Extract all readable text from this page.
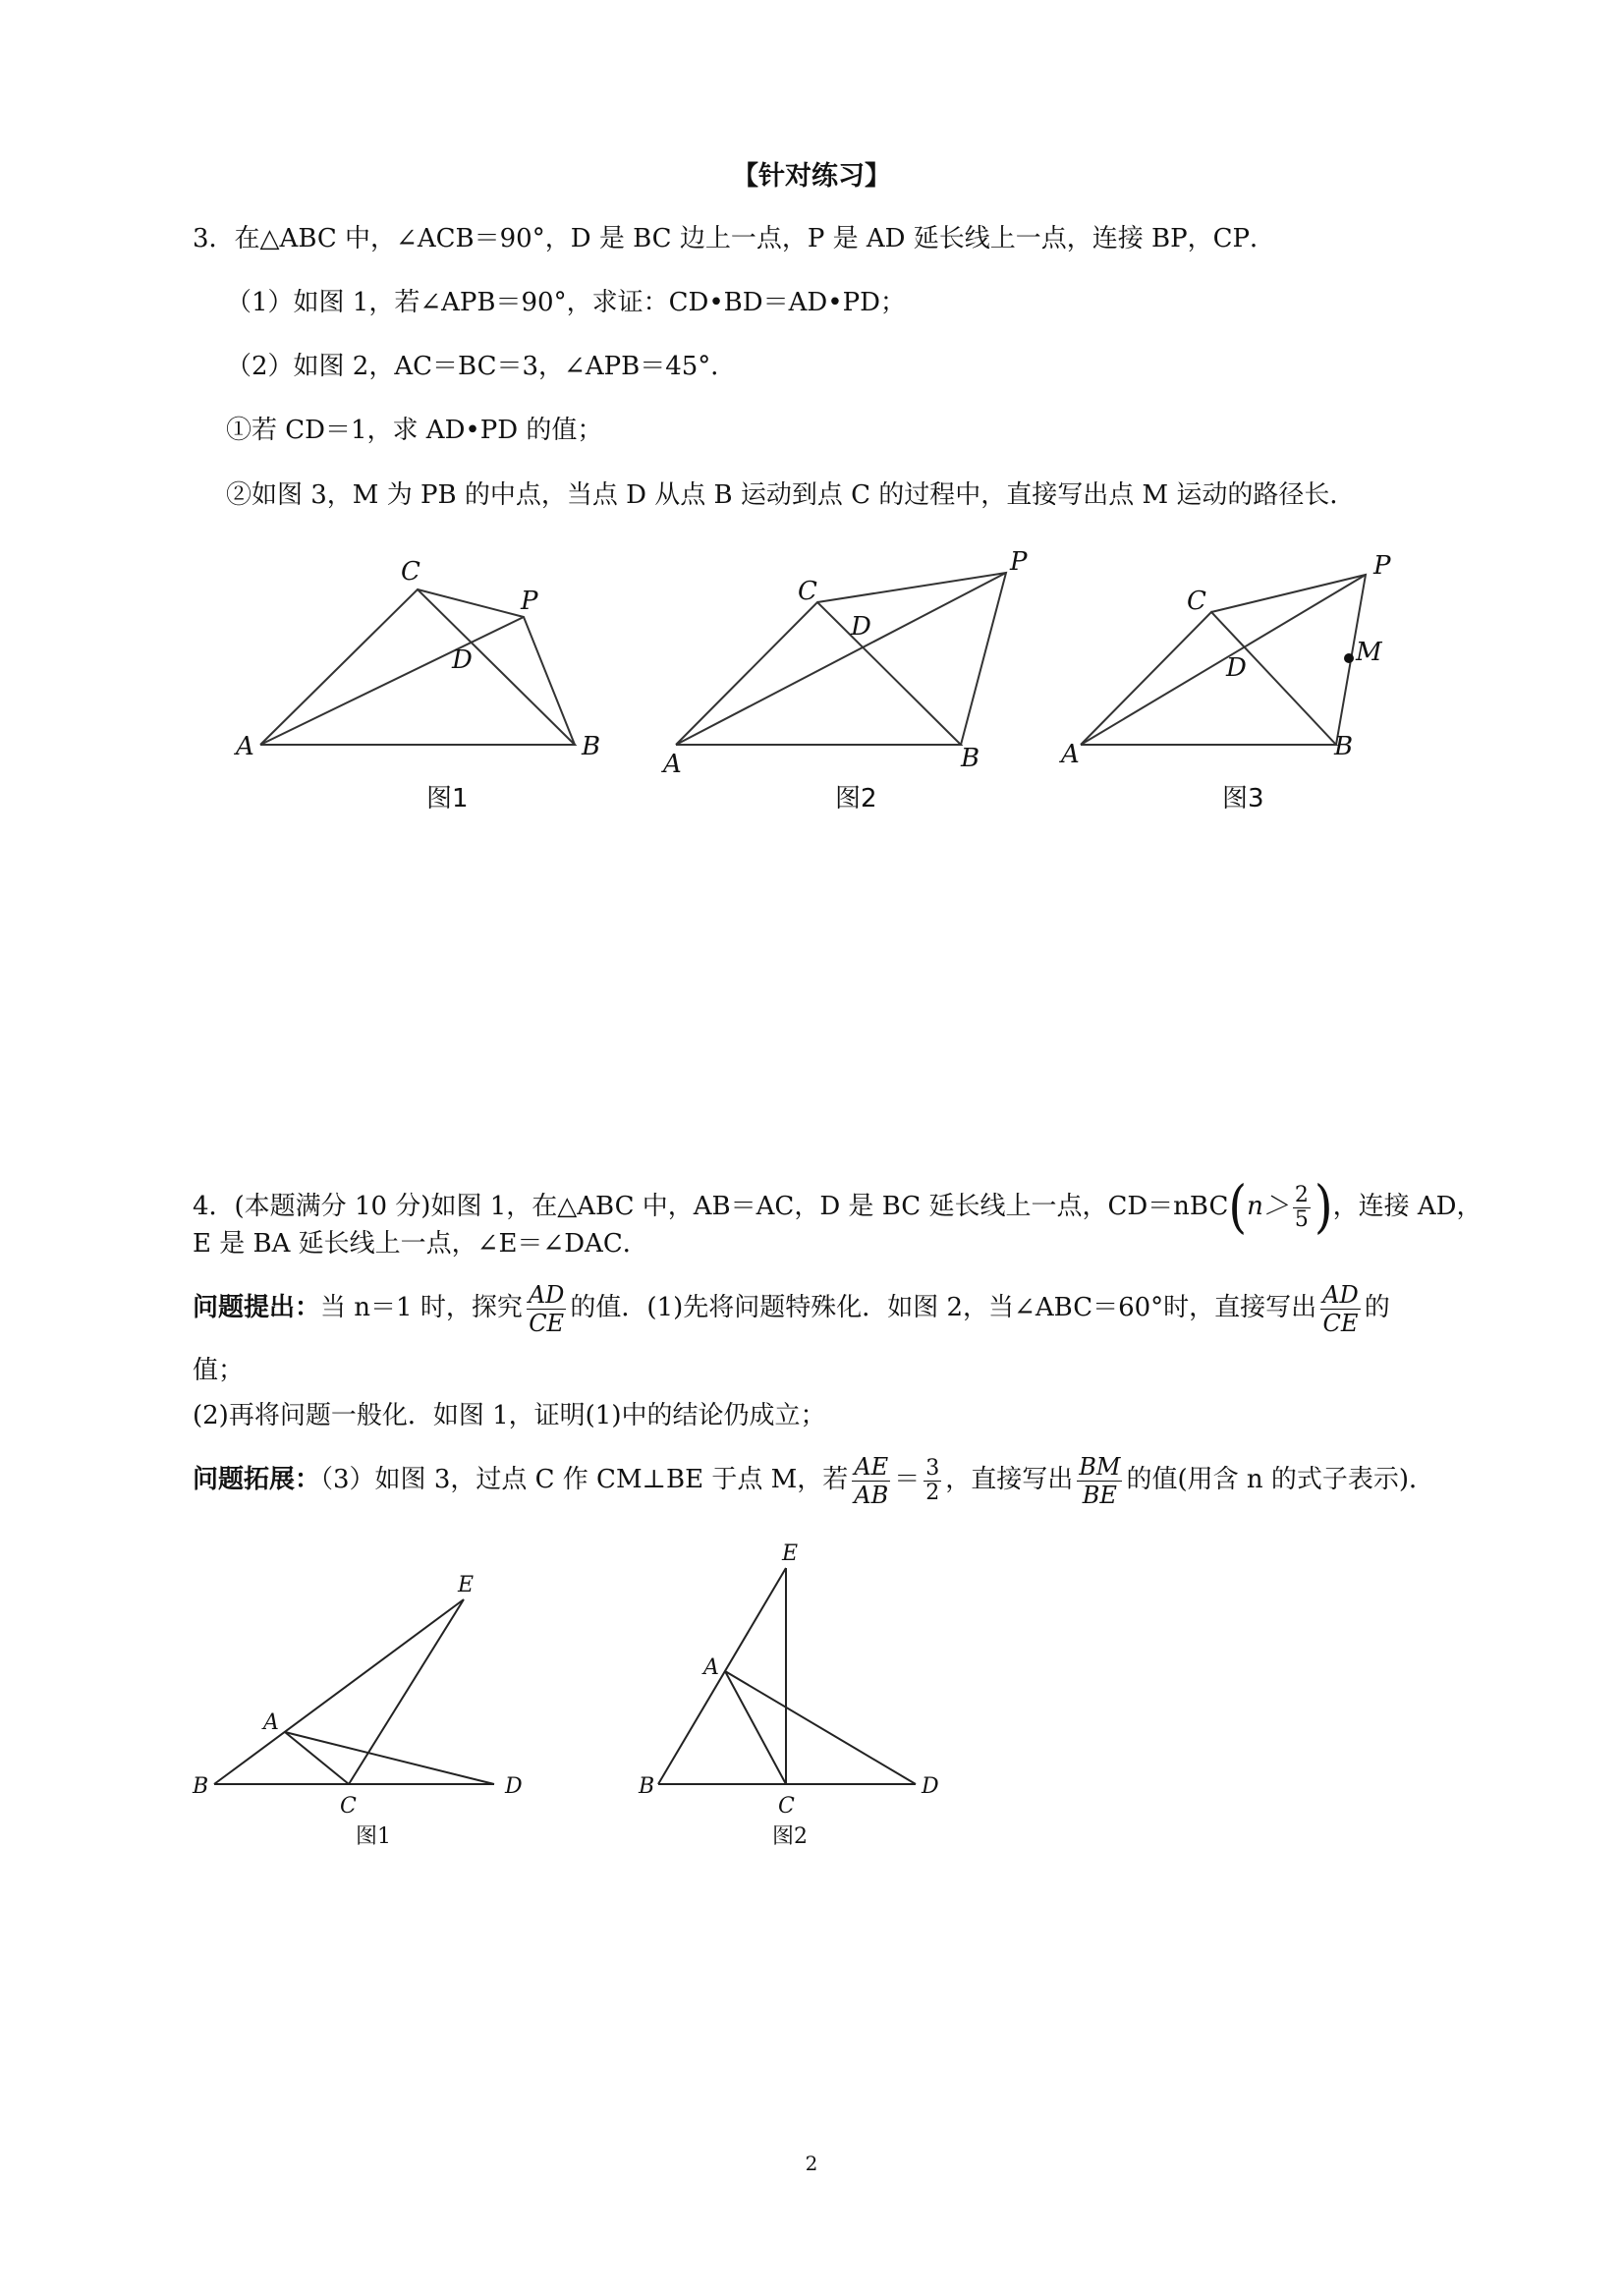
【针对练习】
3．在△ABC 中，∠ACB＝90°，D 是 BC 边上一点，P 是 AD 延长线上一点，连接 BP，CP．
（1）如图 1，若∠APB＝90°，求证：CD•BD＝AD•PD；
（2）如图 2，AC＝BC＝3，∠APB＝45°．
①若 CD＝1，求 AD•PD 的值；
②如图 3，M 为 PB 的中点，当点 D 从点 B 运动到点 C 的过程中，直接写出点 M 运动的路径长．
A	B
C
D
P
A	B
C
D
P
A	B
C
D
P
M
图1	图2	图3
4．(本题满分 10 分)如图 1，在△ABC 中，AB＝AC，D 是 BC 延长线上一点，$CD=nBC(n> \frac{2}{5}$ )，连接 AD，
E 是 BA 延长线上一点，∠E＝∠DAC．
问题提出：当 n＝1 时，探究 $\frac{AD}{CE}$ 的值．(1)先将问题特殊化．如图 2，当∠ABC＝60°时，直接写出 $\frac{AD}{CE}$ 的
值；
(2)再将问题一般化．如图 1，证明(1)中的结论仍成立；
问题拓展：（3）如图 3，过点 C 作 CM⊥BE 于点 M，若 $\frac{AE}{AB} = \frac{3}{2}$ ，直接写出 $\frac{BM}{BE}$ 的值(用含 n 的式子表示)．
B
C
D
A
E
B
C
D
A
E
图1	图2
2
